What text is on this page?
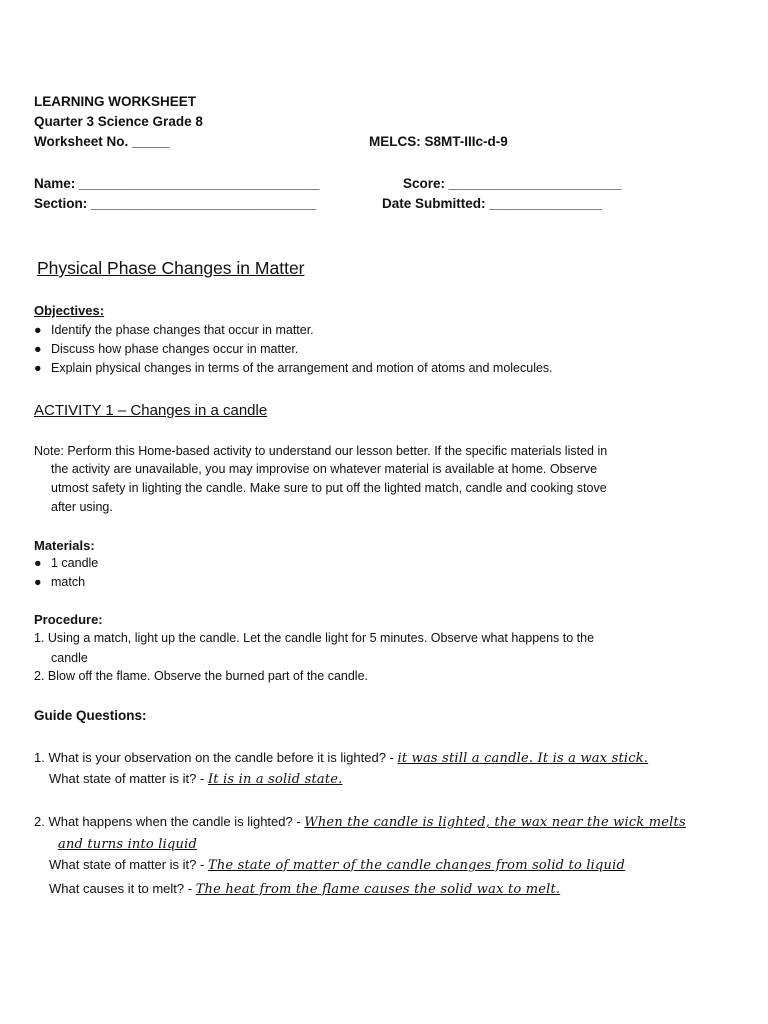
LEARNING WORKSHEET
Quarter 3 Science Grade 8
Worksheet No. _____	MELCS: S8MT-IIIc-d-9
Name: ________________________________	Score: _______________________
Section: ______________________________	Date Submitted: _______________
Physical Phase Changes in Matter
Objectives:
● Identify the phase changes that occur in matter.
● Discuss how phase changes occur in matter.
● Explain physical changes in terms of the arrangement and motion of atoms and molecules.
ACTIVITY 1 – Changes in a candle
Note: Perform this Home-based activity to understand our lesson better. If the specific materials listed in
the activity are unavailable, you may improvise on whatever material is available at home. Observe
utmost safety in lighting the candle. Make sure to put off the lighted match, candle and cooking stove
after using.
Materials:
● 1 candle
● match
Procedure:
1. Using a match, light up the candle. Let the candle light for 5 minutes. Observe what happens to the
candle
2. Blow off the flame. Observe the burned part of the candle.
Guide Questions:
1. What is your observation on the candle before it is lighted? - it was still a candle. It is a wax stick.
What state of matter is it? - It is in a solid state.
2. What happens when the candle is lighted? - When the candle is lighted, the wax near the wick melts
and turns into liquid
What state of matter is it? - The state of matter of the candle changes from solid to liquid
What causes it to melt? - The heat from the flame causes the solid wax to melt.
